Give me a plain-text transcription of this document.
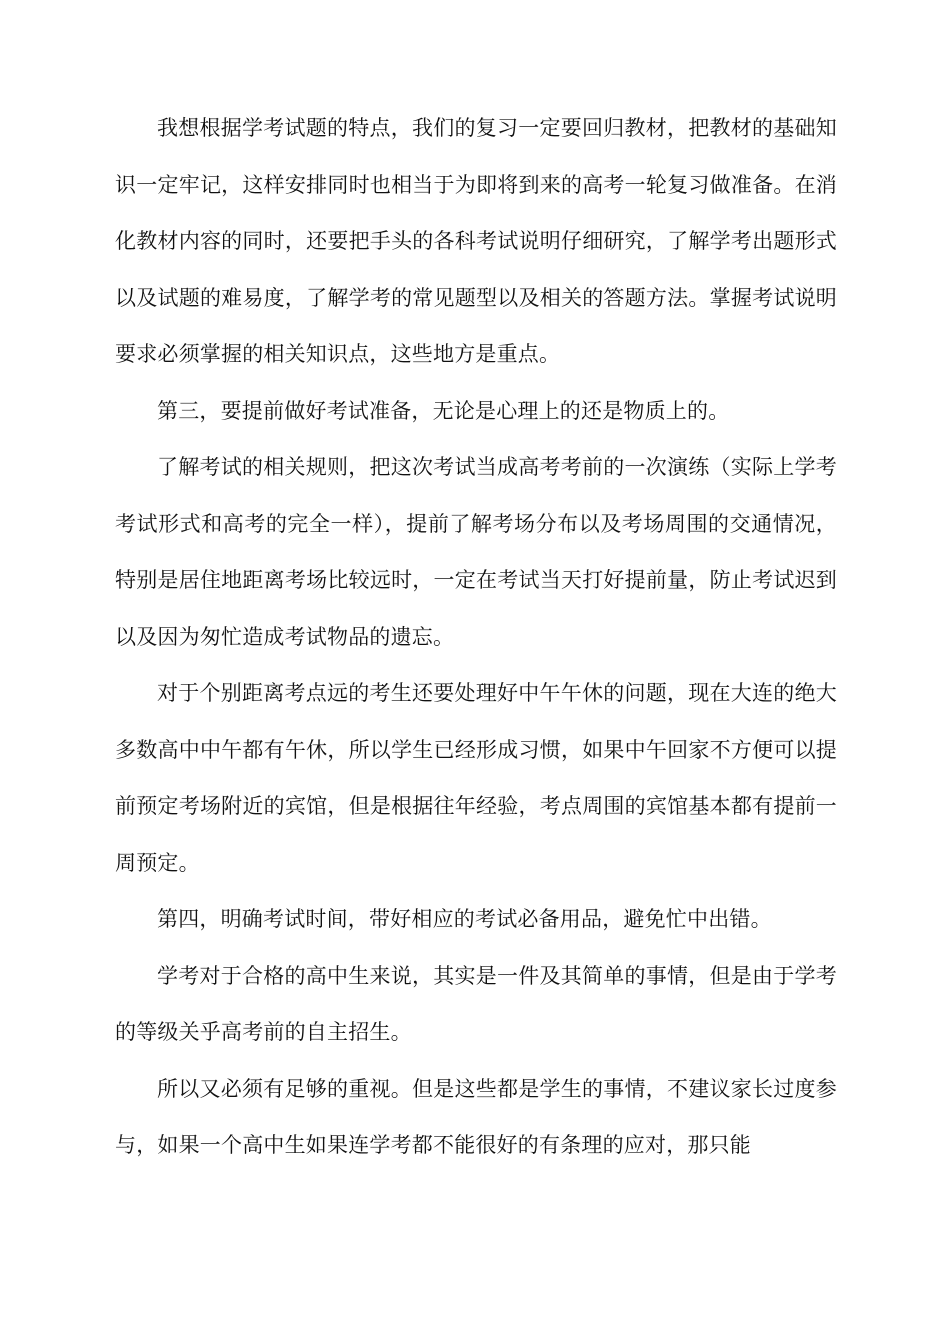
我想根据学考试题的特点，我们的复习一定要回归教材，把教材的基础知识一定牢记，这样安排同时也相当于为即将到来的高考一轮复习做准备。在消化教材内容的同时，还要把手头的各科考试说明仔细研究，了解学考出题形式以及试题的难易度，了解学考的常见题型以及相关的答题方法。掌握考试说明要求必须掌握的相关知识点，这些地方是重点。

第三，要提前做好考试准备，无论是心理上的还是物质上的。

了解考试的相关规则，把这次考试当成高考考前的一次演练（实际上学考考试形式和高考的完全一样），提前了解考场分布以及考场周围的交通情况，特别是居住地距离考场比较远时，一定在考试当天打好提前量，防止考试迟到以及因为匆忙造成考试物品的遗忘。

对于个别距离考点远的考生还要处理好中午午休的问题，现在大连的绝大多数高中中午都有午休，所以学生已经形成习惯，如果中午回家不方便可以提前预定考场附近的宾馆，但是根据往年经验，考点周围的宾馆基本都有提前一周预定。

第四，明确考试时间，带好相应的考试必备用品，避免忙中出错。

学考对于合格的高中生来说，其实是一件及其简单的事情，但是由于学考的等级关乎高考前的自主招生。

所以又必须有足够的重视。但是这些都是学生的事情，不建议家长过度参与，如果一个高中生如果连学考都不能很好的有条理的应对，那只能
